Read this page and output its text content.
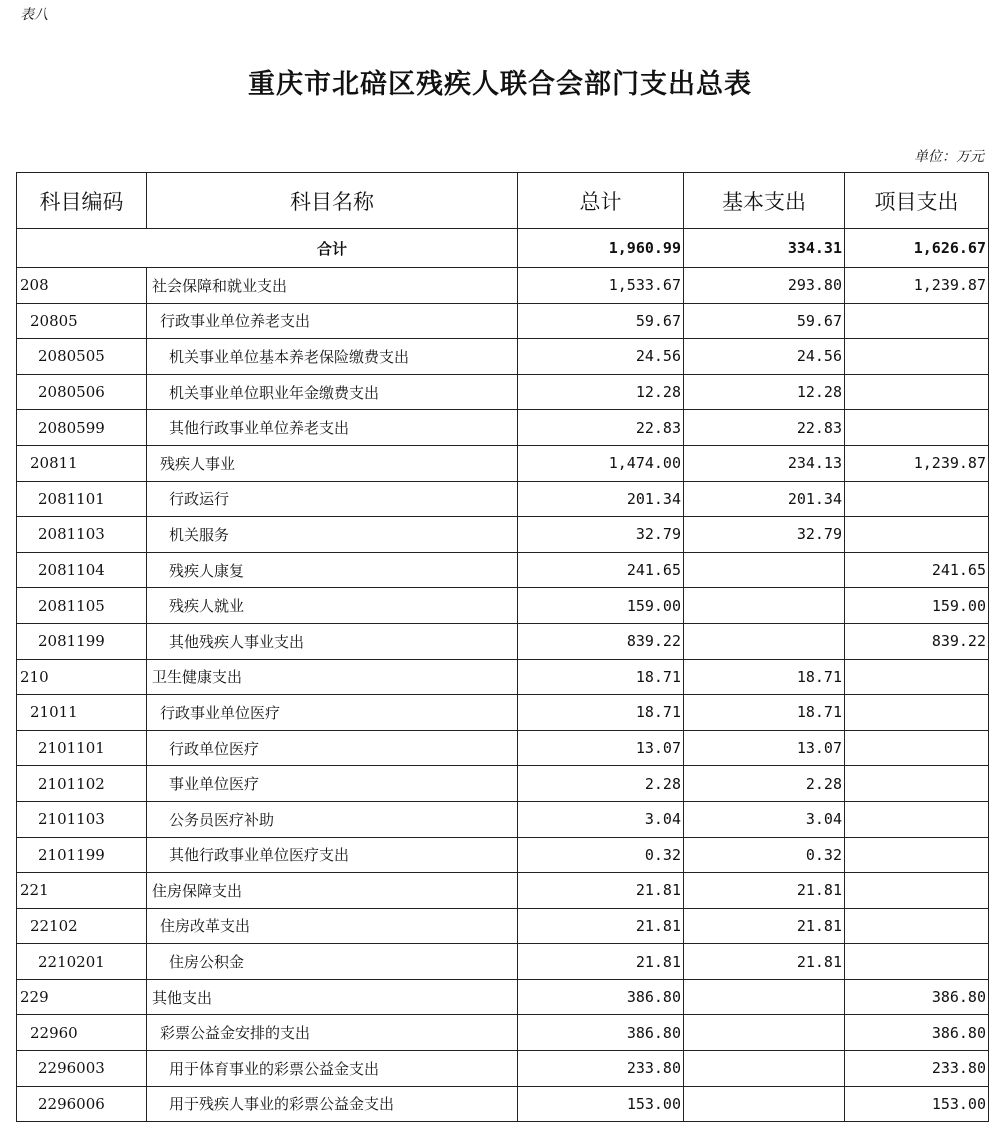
表八
重庆市北碚区残疾人联合会部门支出总表
单位：万元
科目编码	科目名称	总计	基本支出	项目支出
合计		1,960.99	334.31	1,626.67
208	社会保障和就业支出	1,533.67	293.80	1,239.87
20805	行政事业单位养老支出	59.67	59.67	
2080505	机关事业单位基本养老保险缴费支出	24.56	24.56	
2080506	机关事业单位职业年金缴费支出	12.28	12.28	
2080599	其他行政事业单位养老支出	22.83	22.83	
20811	残疾人事业	1,474.00	234.13	1,239.87
2081101	行政运行	201.34	201.34	
2081103	机关服务	32.79	32.79	
2081104	残疾人康复	241.65		241.65
2081105	残疾人就业	159.00		159.00
2081199	其他残疾人事业支出	839.22		839.22
210	卫生健康支出	18.71	18.71	
21011	行政事业单位医疗	18.71	18.71	
2101101	行政单位医疗	13.07	13.07	
2101102	事业单位医疗	2.28	2.28	
2101103	公务员医疗补助	3.04	3.04	
2101199	其他行政事业单位医疗支出	0.32	0.32	
221	住房保障支出	21.81	21.81	
22102	住房改革支出	21.81	21.81	
2210201	住房公积金	21.81	21.81	
229	其他支出	386.80		386.80
22960	彩票公益金安排的支出	386.80		386.80
2296003	用于体育事业的彩票公益金支出	233.80		233.80
2296006	用于残疾人事业的彩票公益金支出	153.00		153.00
